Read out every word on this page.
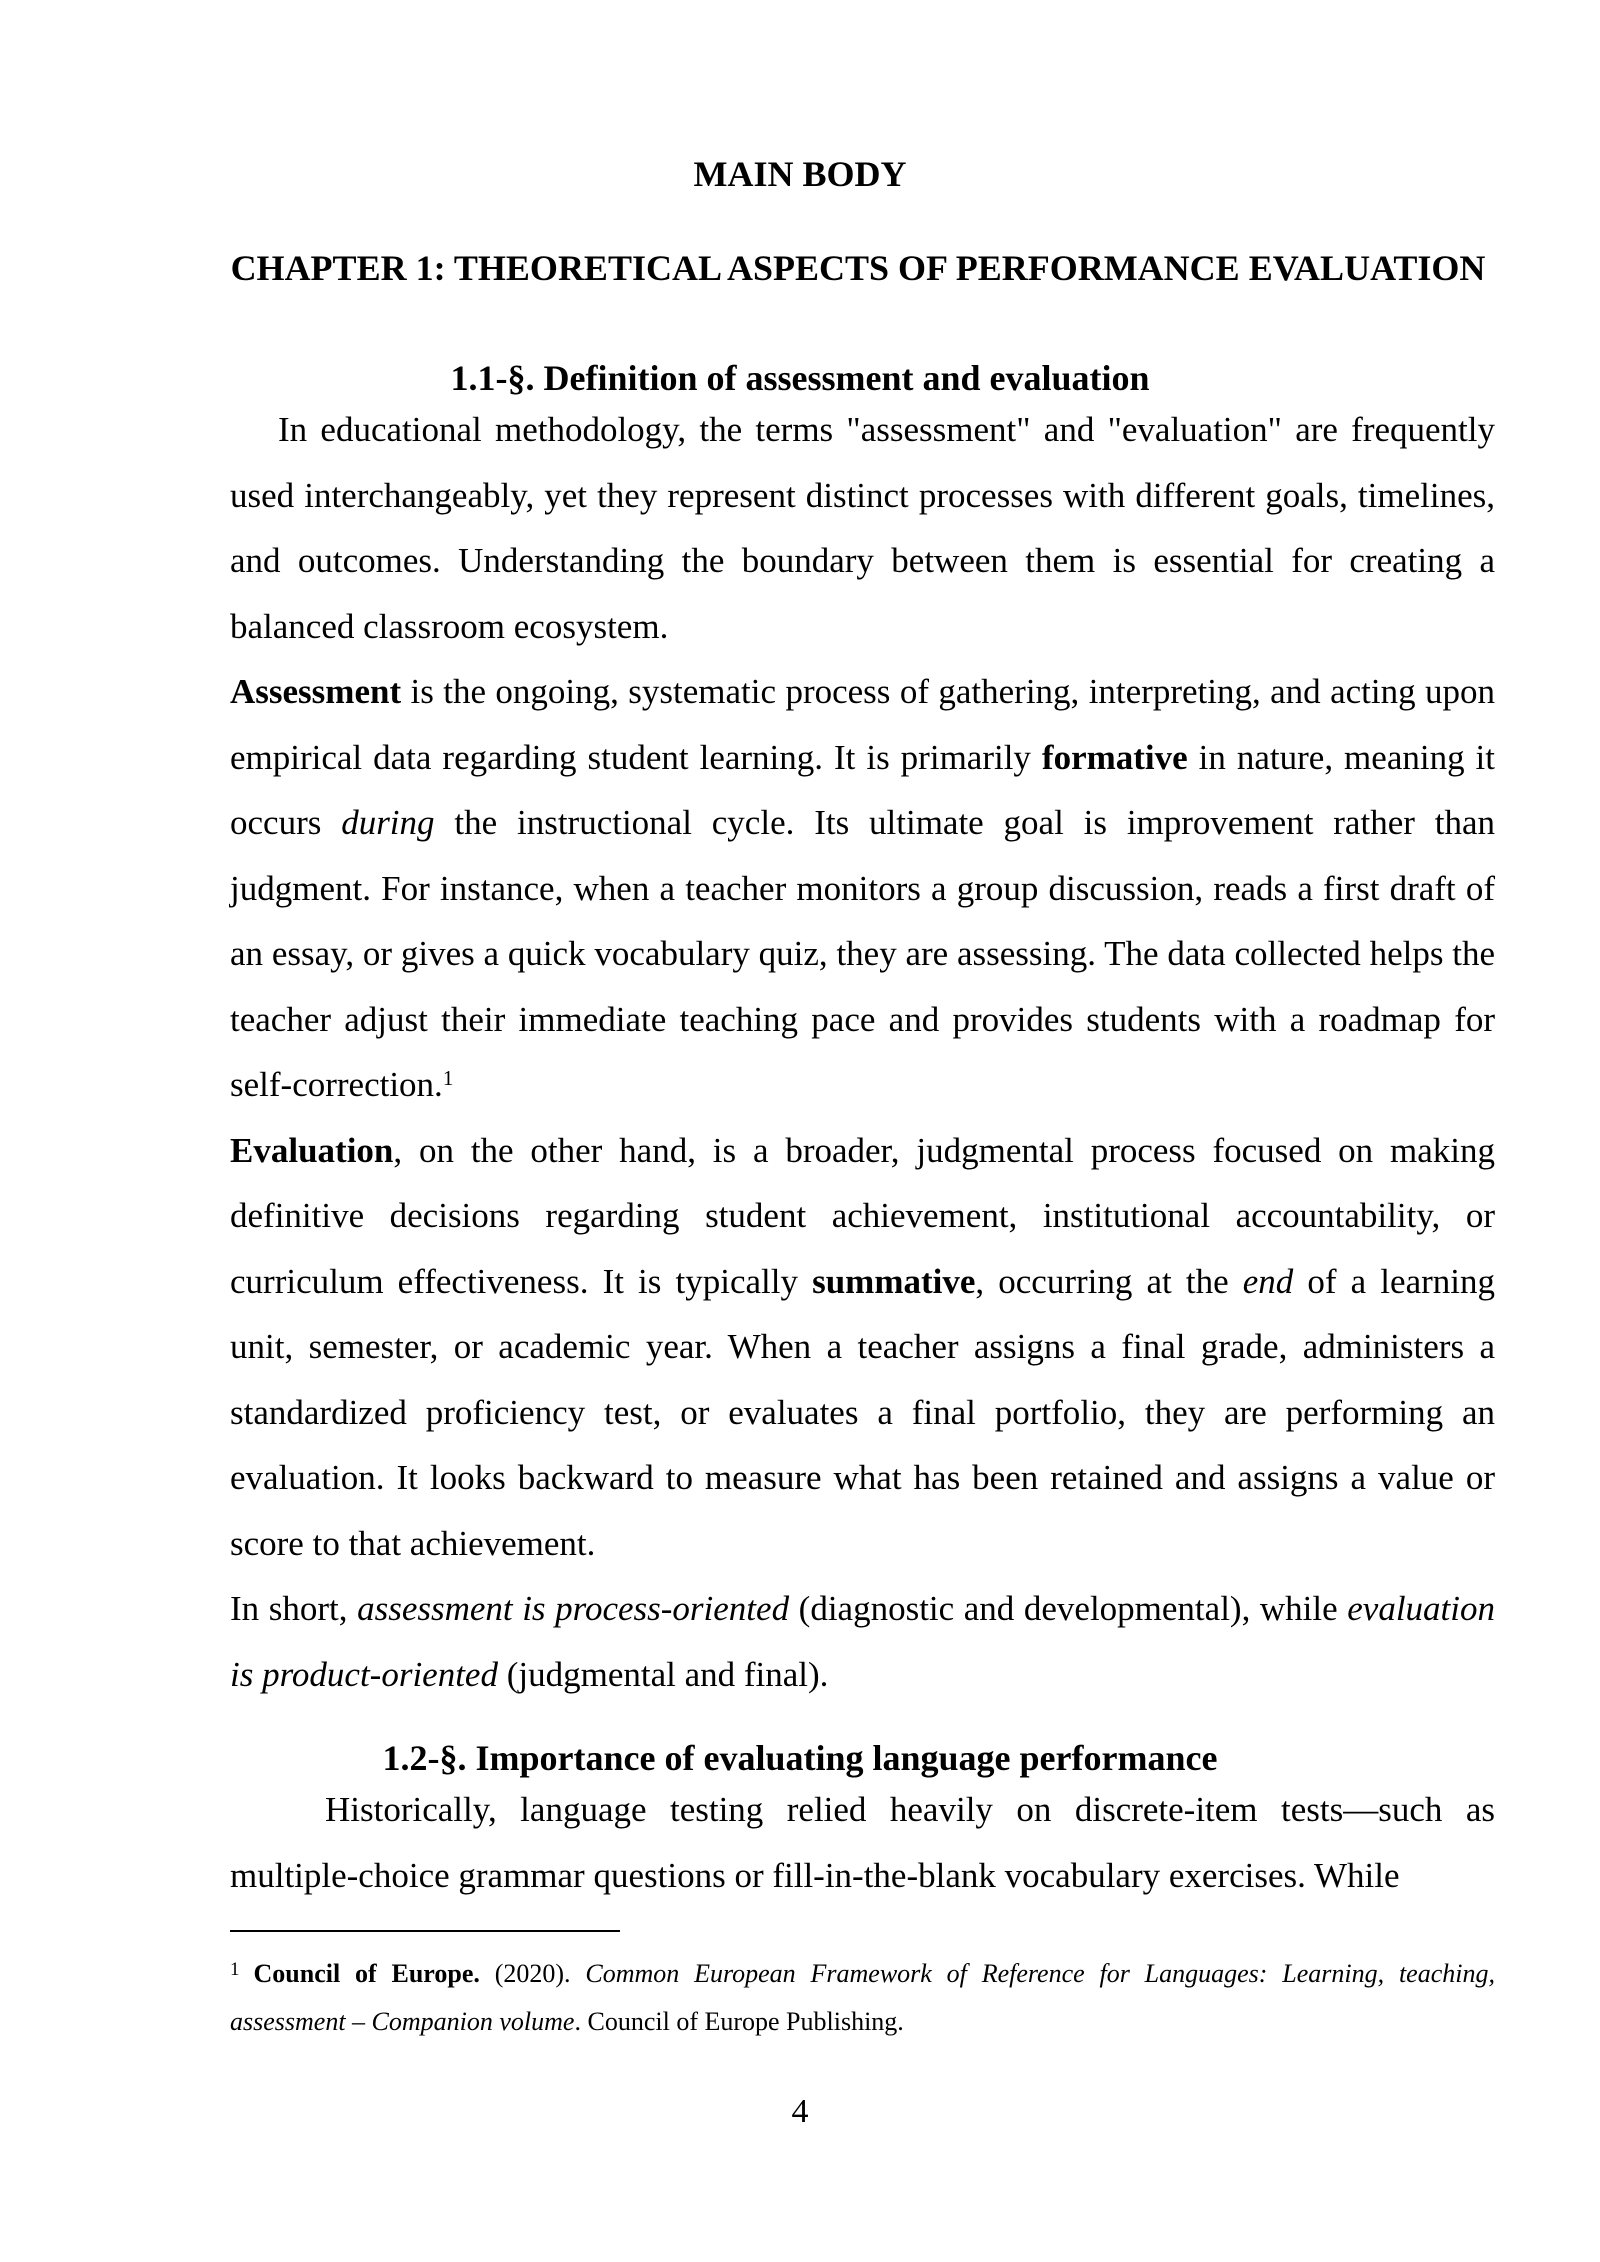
MAIN BODY
CHAPTER 1: THEORETICAL ASPECTS OF PERFORMANCE EVALUATION
1.1-§. Definition of assessment and evaluation

In educational methodology, the terms "assessment" and "evaluation" are frequently used interchangeably, yet they represent distinct processes with different goals, timelines, and outcomes. Understanding the boundary between them is essential for creating a balanced classroom ecosystem.

Assessment is the ongoing, systematic process of gathering, interpreting, and acting upon empirical data regarding student learning. It is primarily formative in nature, meaning it occurs during the instructional cycle. Its ultimate goal is improvement rather than judgment. For instance, when a teacher monitors a group discussion, reads a first draft of an essay, or gives a quick vocabulary quiz, they are assessing. The data collected helps the teacher adjust their immediate teaching pace and provides students with a roadmap for self-correction.$^1$

Evaluation, on the other hand, is a broader, judgmental process focused on making definitive decisions regarding student achievement, institutional accountability, or curriculum effectiveness. It is typically summative, occurring at the end of a learning unit, semester, or academic year. When a teacher assigns a final grade, administers a standardized proficiency test, or evaluates a final portfolio, they are performing an evaluation. It looks backward to measure what has been retained and assigns a value or score to that achievement.

In short, assessment is process-oriented (diagnostic and developmental), while evaluation is product-oriented (judgmental and final).

1.2-§. Importance of evaluating language performance

Historically, language testing relied heavily on discrete-item tests—such as multiple-choice grammar questions or fill-in-the-blank vocabulary exercises. While

$^1$ Council of Europe. (2020). Common European Framework of Reference for Languages: Learning, teaching, assessment – Companion volume. Council of Europe Publishing.

4
